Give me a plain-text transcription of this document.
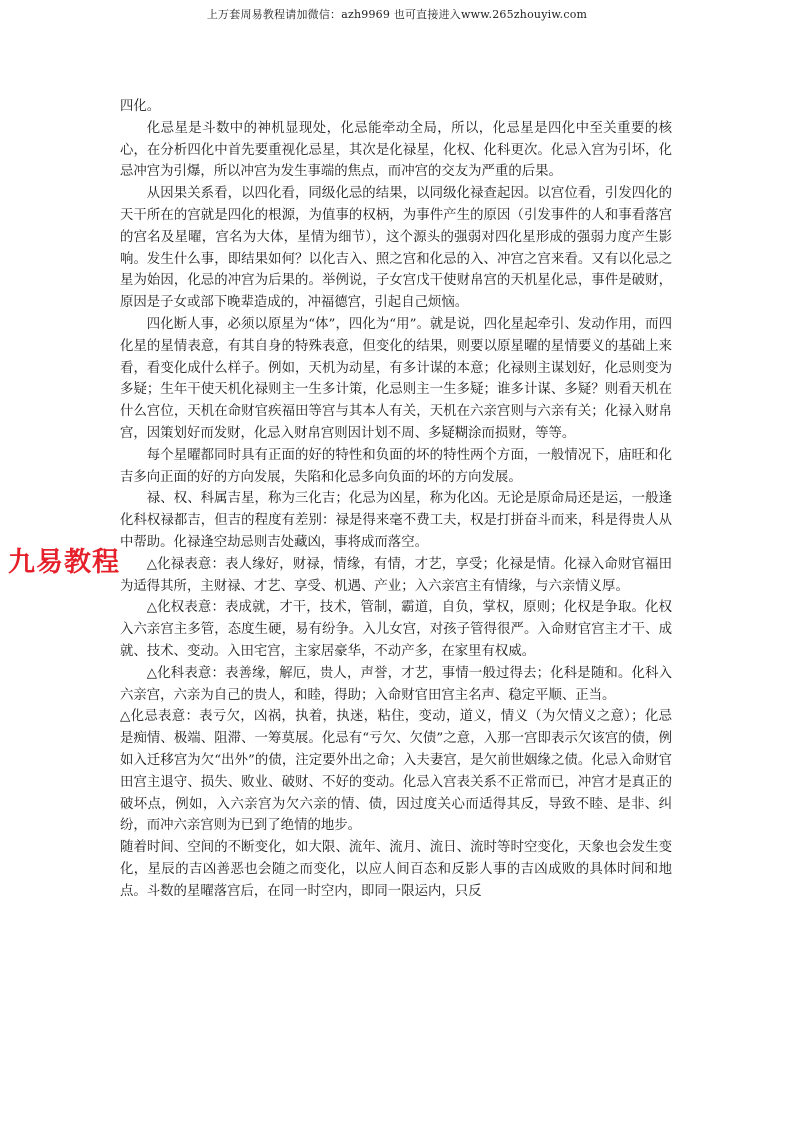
上万套周易教程请加微信：azh9969 也可直接进入www.265zhouyiw.com

四化。

化忌星是斗数中的神机显现处，化忌能牵动全局，所以，化忌星是四化中至关重要的核心，在分析四化中首先要重视化忌星，其次是化禄星，化权、化科更次。化忌入宫为引坏，化忌冲宫为引爆，所以冲宫为发生事端的焦点，而冲宫的交友为严重的后果。

从因果关系看，以四化看，同级化忌的结果，以同级化禄查起因。以宫位看，引发四化的天干所在的宫就是四化的根源，为值事的权柄，为事件产生的原因（引发事件的人和事看落宫的宫名及星曜，宫名为大体，星情为细节），这个源头的强弱对四化星形成的强弱力度产生影响。发生什么事，即结果如何？以化吉入、照之宫和化忌的入、冲宫之宫来看。又有以化忌之星为始因，化忌的冲宫为后果的。举例说，子女宫戊干使财帛宫的天机星化忌，事件是破财，原因是子女或部下晚辈造成的，冲福德宫，引起自己烦恼。

四化断人事，必须以原星为“体”，四化为“用”。就是说，四化星起牵引、发动作用，而四化星的星情表意，有其自身的特殊表意，但变化的结果，则要以原星曜的星情要义的基础上来看，看变化成什么样子。例如，天机为动星，有多计谋的本意；化禄则主谋划好，化忌则变为多疑；生年干使天机化禄则主一生多计策，化忌则主一生多疑；谁多计谋、多疑？则看天机在什么宫位，天机在命财官疾福田等宫与其本人有关，天机在六亲宫则与六亲有关；化禄入财帛宫，因策划好而发财，化忌入财帛宫则因计划不周、多疑糊涂而损财，等等。

每个星曜都同时具有正面的好的特性和负面的坏的特性两个方面，一般情况下，庙旺和化吉多向正面的好的方向发展，失陷和化忌多向负面的坏的方向发展。

禄、权、科属吉星，称为三化吉；化忌为凶星，称为化凶。无论是原命局还是运，一般逢化科权禄都吉，但吉的程度有差别：禄是得来毫不费工夫，权是打拼奋斗而来，科是得贵人从中帮助。化禄逢空劫忌则吉处藏凶，事将成而落空。

△化禄表意：表人缘好，财禄，情缘，有情，才艺，享受；化禄是情。化禄入命财官福田为适得其所，主财禄、才艺、享受、机遇、产业；入六亲宫主有情缘，与六亲情义厚。

△化权表意：表成就，才干，技术，管制，霸道，自负，掌权，原则；化权是争取。化权入六亲宫主多管，态度生硬，易有纷争。入儿女宫，对孩子管得很严。入命财官宫主才干、成就、技术、变动。入田宅宫，主家居豪华，不动产多，在家里有权威。

△化科表意：表善缘，解厄，贵人，声誉，才艺，事情一般过得去；化科是随和。化科入六亲宫，六亲为自己的贵人，和睦，得助；入命财官田宫主名声、稳定平顺、正当。

△化忌表意：表亏欠，凶祸，执着，执迷，粘住，变动，道义，情义（为欠情义之意）；化忌是痴情、极端、阻滞、一筹莫展。化忌有“亏欠、欠债”之意，入那一宫即表示欠该宫的债，例如入迁移宫为欠“出外”的债，注定要外出之命；入夫妻宫，是欠前世姻缘之债。化忌入命财官田宫主退守、损失、败业、破财、不好的变动。化忌入宫表关系不正常而已，冲宫才是真正的破坏点，例如，入六亲宫为欠六亲的情、债，因过度关心而适得其反，导致不睦、是非、纠纷，而冲六亲宫则为已到了绝情的地步。

随着时间、空间的不断变化，如大限、流年、流月、流日、流时等时空变化，天象也会发生变化，星辰的吉凶善恶也会随之而变化，以应人间百态和反影人事的吉凶成败的具体时间和地点。斗数的星曜落宫后，在同一时空内，即同一限运内，只反

九易教程
